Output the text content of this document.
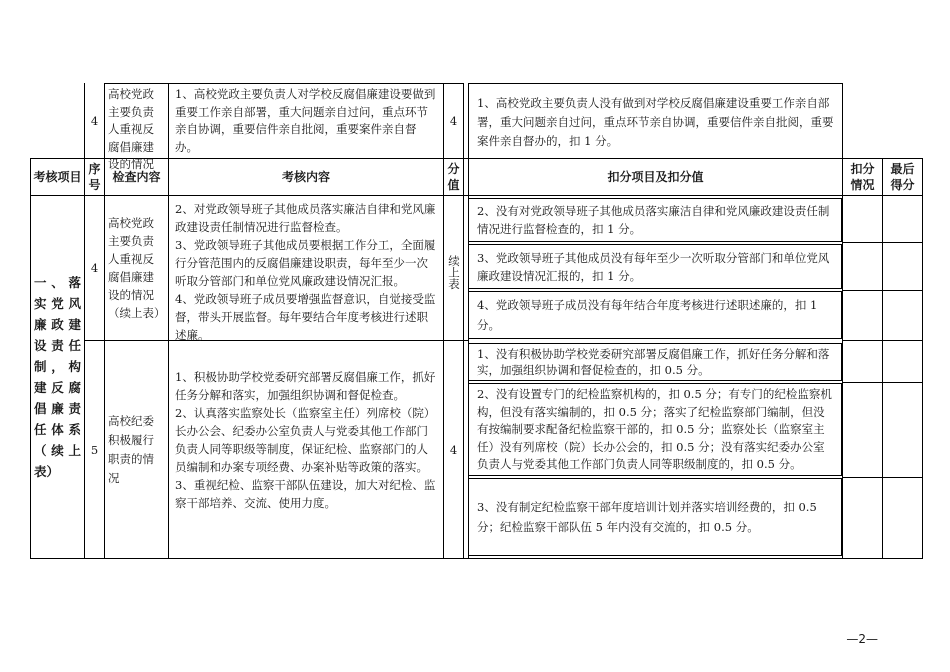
4
高校党政主要负责人重视反腐倡廉建设的情况
1、高校党政主要负责人对学校反腐倡廉建设要做到重要工作亲自部署，重大问题亲自过问，重点环节亲自协调，重要信件亲自批阅，重要案件亲自督办。
4
1、高校党政主要负责人没有做到对学校反腐倡廉建设重要工作亲自部署，重大问题亲自过问，重点环节亲自协调，重要信件亲自批阅，重要案件亲自督办的，扣 1 分。
考核项目
序号
检查内容	考核内容
分值
扣分项目及扣分值
扣分情况
最后得分
一、落实党风廉政建设责任制，构建反腐倡廉责任体系（续上表）
4
高校党政主要负责人重视反腐倡廉建设的情况（续上表）
2、对党政领导班子其他成员落实廉洁自律和党风廉政建设责任制情况进行监督检查。
3、党政领导班子其他成员要根据工作分工，全面履行分管范围内的反腐倡廉建设职责，每年至少一次听取分管部门和单位党风廉政建设情况汇报。
4、党政领导班子成员要增强监督意识，自觉接受监督，带头开展监督。每年要结合年度考核进行述职述廉。
续上表
2、没有对党政领导班子其他成员落实廉洁自律和党风廉政建设责任制情况进行监督检查的，扣 1 分。
3、党政领导班子其他成员没有每年至少一次听取分管部门和单位党风廉政建设情况汇报的，扣 1 分。
4、党政领导班子成员没有每年结合年度考核进行述职述廉的，扣 1 分。
5
高校纪委积极履行职责的情况
1、积极协助学校党委研究部署反腐倡廉工作，抓好任务分解和落实，加强组织协调和督促检查。
2、认真落实监察处长（监察室主任）列席校（院）长办公会、纪委办公室负责人与党委其他工作部门负责人同等职级等制度，保证纪检、监察部门的人员编制和办案专项经费、办案补贴等政策的落实。
3、重视纪检、监察干部队伍建设，加大对纪检、监察干部培养、交流、使用力度。
4
1、没有积极协助学校党委研究部署反腐倡廉工作，抓好任务分解和落实，加强组织协调和督促检查的，扣 0.5 分。
2、没有设置专门的纪检监察机构的，扣 0.5 分；有专门的纪检监察机构，但没有落实编制的，扣 0.5 分；落实了纪检监察部门编制，但没有按编制要求配备纪检监察干部的，扣 0.5 分；监察处长（监察室主任）没有列席校（院）长办公会的，扣 0.5 分；没有落实纪委办公室负责人与党委其他工作部门负责人同等职级制度的，扣 0.5 分。
3、没有制定纪检监察干部年度培训计划并落实培训经费的，扣 0.5 分；纪检监察干部队伍 5 年内没有交流的，扣 0.5 分。
—2—
